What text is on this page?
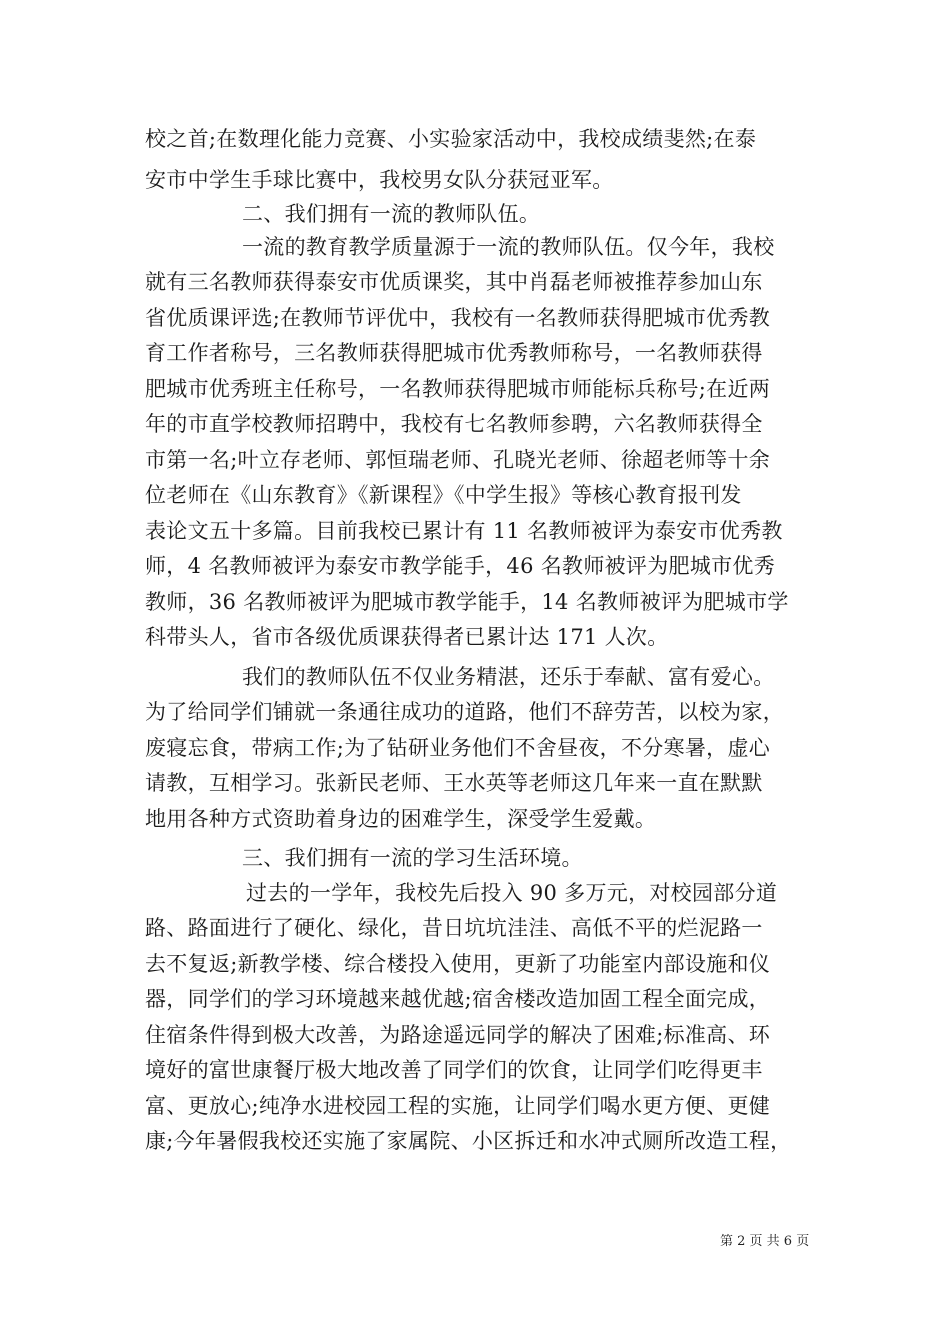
校之首;在数理化能力竞赛、小实验家活动中，我校成绩斐然;在泰
安市中学生手球比赛中，我校男女队分获冠亚军。
二、我们拥有一流的教师队伍。
一流的教育教学质量源于一流的教师队伍。仅今年，我校
就有三名教师获得泰安市优质课奖，其中肖磊老师被推荐参加山东
省优质课评选;在教师节评优中，我校有一名教师获得肥城市优秀教
育工作者称号，三名教师获得肥城市优秀教师称号，一名教师获得
肥城市优秀班主任称号，一名教师获得肥城市师能标兵称号;在近两
年的市直学校教师招聘中，我校有七名教师参聘，六名教师获得全
市第一名;叶立存老师、郭恒瑞老师、孔晓光老师、徐超老师等十余
位老师在《山东教育》《新课程》《中学生报》等核心教育报刊发
表论文五十多篇。目前我校已累计有 11 名教师被评为泰安市优秀教
师，4 名教师被评为泰安市教学能手，46 名教师被评为肥城市优秀
教师，36 名教师被评为肥城市教学能手，14 名教师被评为肥城市学
科带头人，省市各级优质课获得者已累计达 171 人次。
我们的教师队伍不仅业务精湛，还乐于奉献、富有爱心。
为了给同学们铺就一条通往成功的道路，他们不辞劳苦，以校为家，
废寝忘食，带病工作;为了钻研业务他们不舍昼夜，不分寒暑，虚心
请教，互相学习。张新民老师、王水英等老师这几年来一直在默默
地用各种方式资助着身边的困难学生，深受学生爱戴。
三、我们拥有一流的学习生活环境。
过去的一学年，我校先后投入 90 多万元，对校园部分道
路、路面进行了硬化、绿化，昔日坑坑洼洼、高低不平的烂泥路一
去不复返;新教学楼、综合楼投入使用，更新了功能室内部设施和仪
器，同学们的学习环境越来越优越;宿舍楼改造加固工程全面完成，
住宿条件得到极大改善，为路途遥远同学的解决了困难;标准高、环
境好的富世康餐厅极大地改善了同学们的饮食，让同学们吃得更丰
富、更放心;纯净水进校园工程的实施，让同学们喝水更方便、更健
康;今年暑假我校还实施了家属院、小区拆迁和水冲式厕所改造工程，
第 2 页 共 6 页
